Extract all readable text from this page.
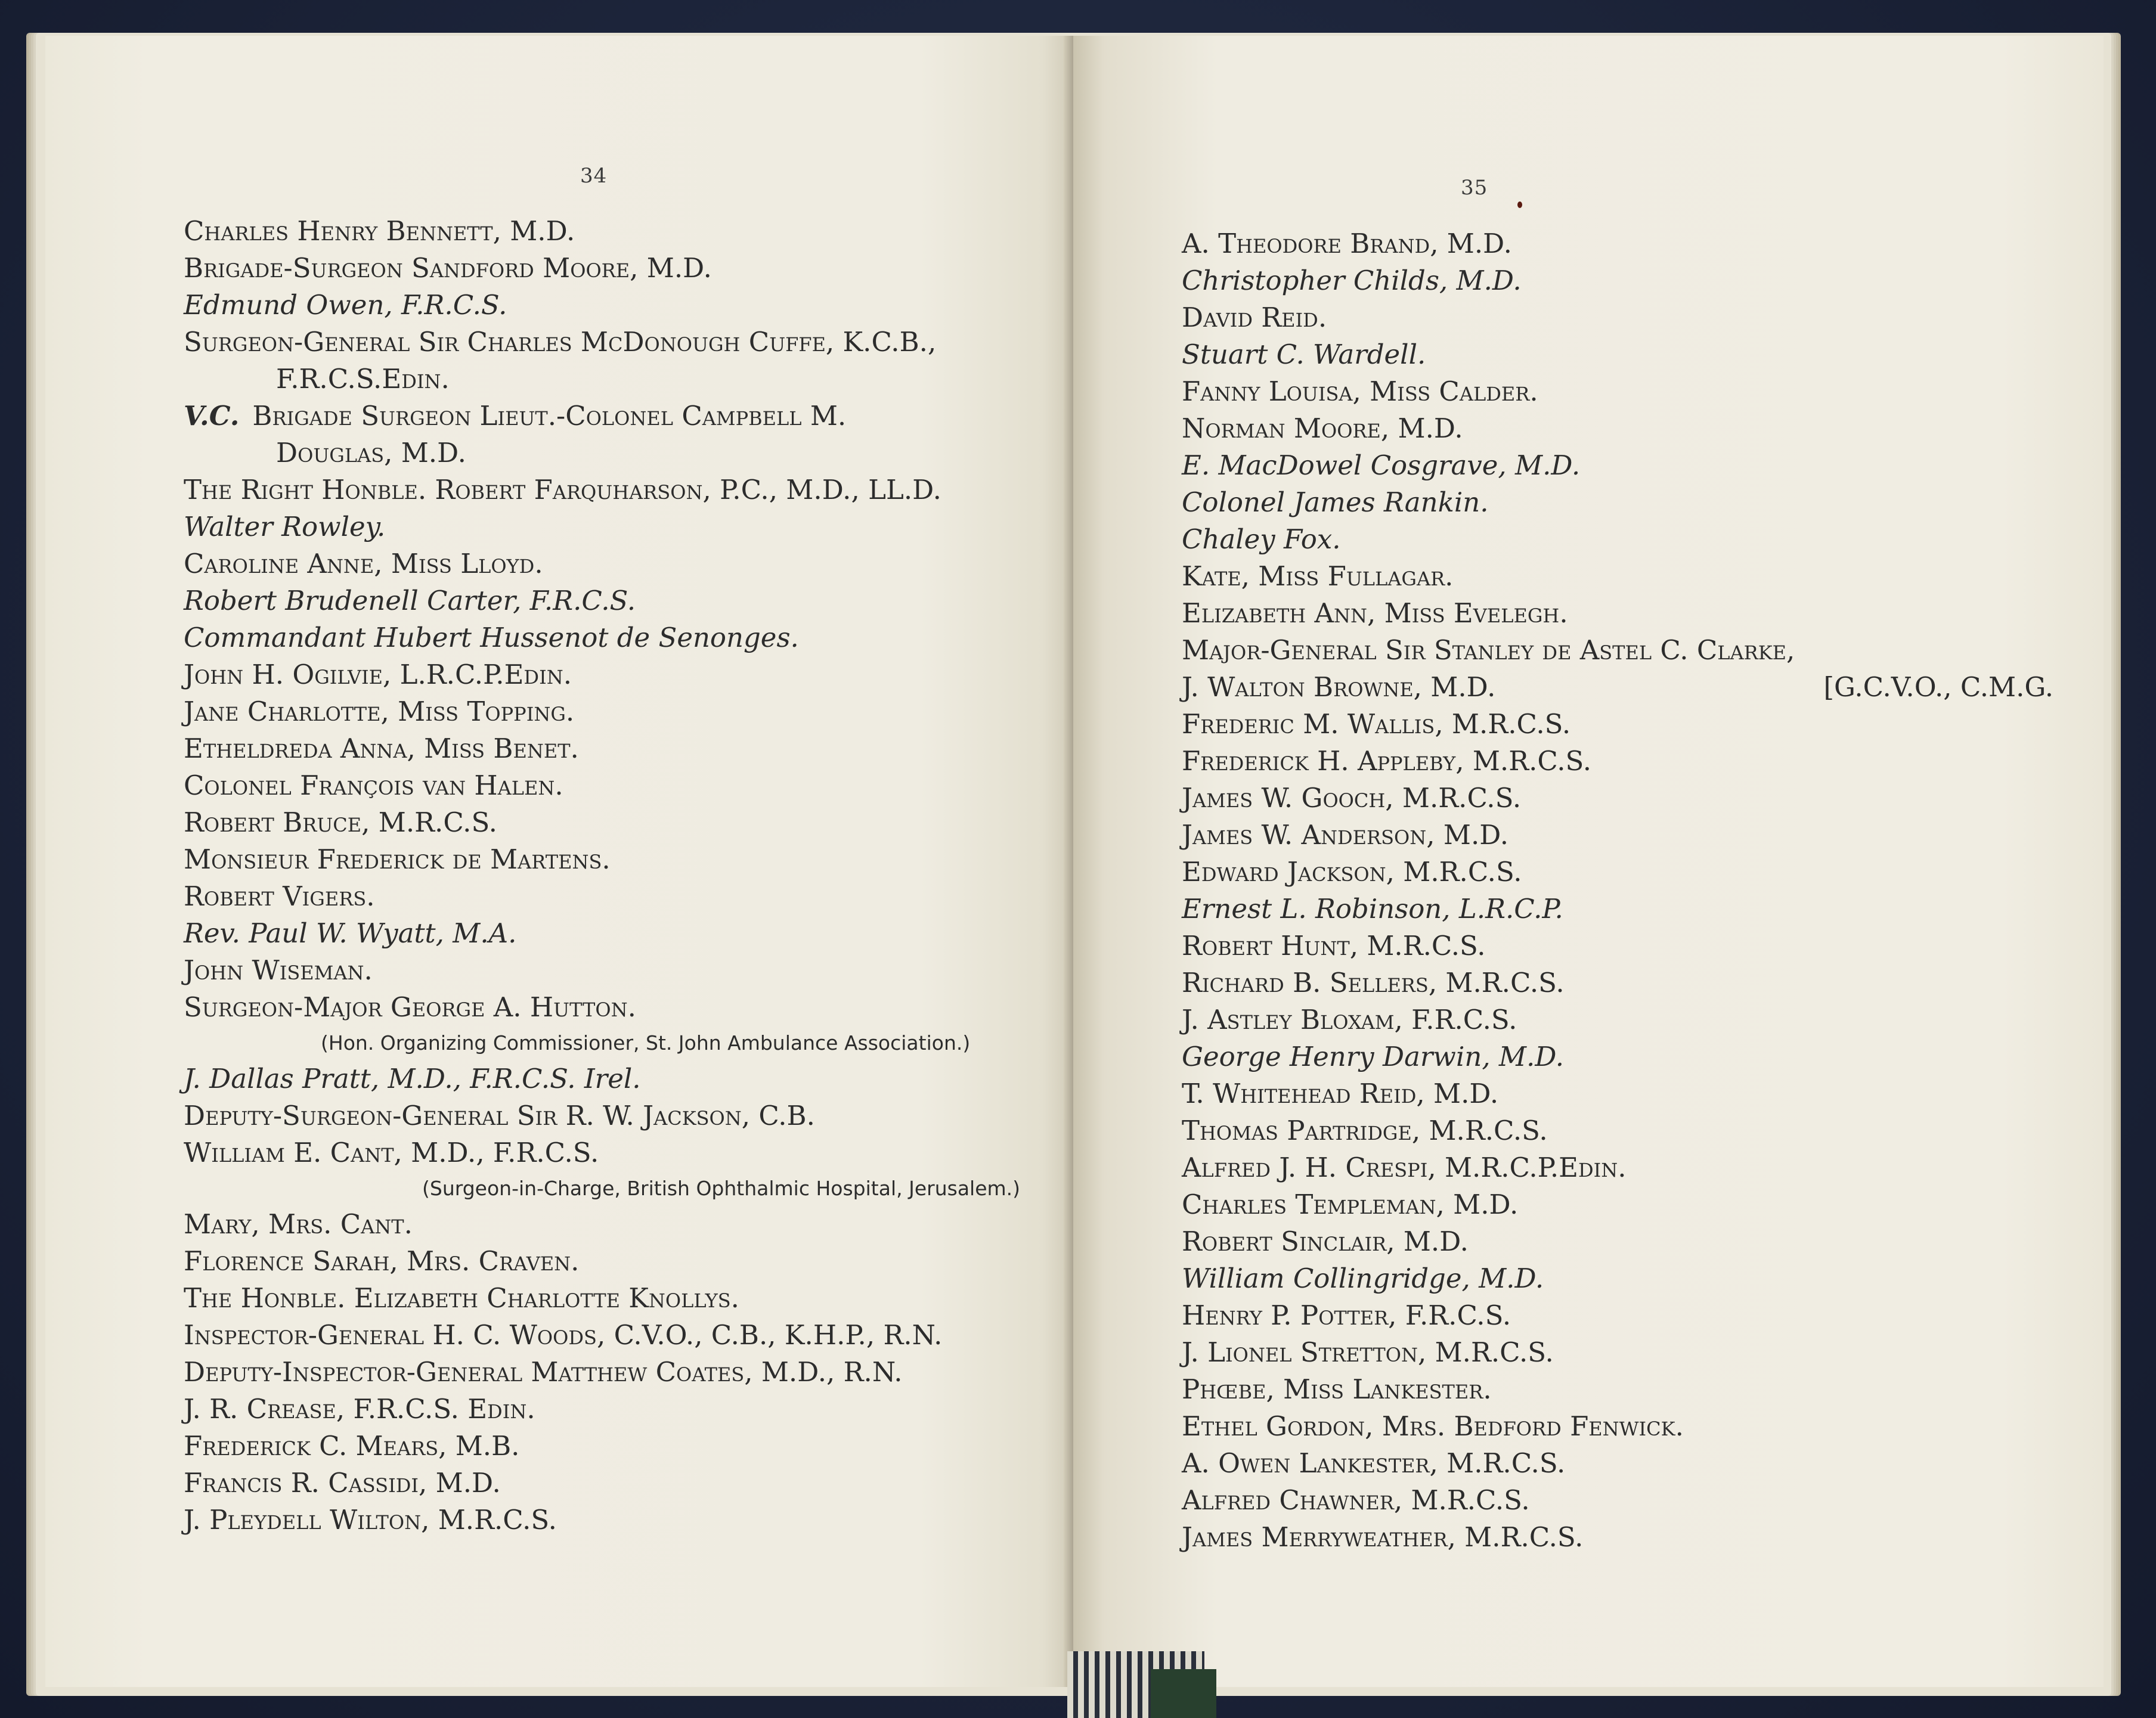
34
Charles Henry Bennett, M.D.
Brigade-Surgeon Sandford Moore, M.D.
Edmund Owen, F.R.C.S.
Surgeon-General Sir Charles McDonough Cuffe, K.C.B.,
F.R.C.S.Edin.
V.C. Brigade Surgeon Lieut.-Colonel Campbell M.
Douglas, M.D.
The Right Honble. Robert Farquharson, P.C., M.D., LL.D.
Walter Rowley.
Caroline Anne, Miss Lloyd.
Robert Brudenell Carter, F.R.C.S.
Commandant Hubert Hussenot de Senonges.
John H. Ogilvie, L.R.C.P.Edin.
Jane Charlotte, Miss Topping.
Etheldreda Anna, Miss Benet.
Colonel François van Halen.
Robert Bruce, M.R.C.S.
Monsieur Frederick de Martens.
Robert Vigers.
Rev. Paul W. Wyatt, M.A.
John Wiseman.
Surgeon-Major George A. Hutton.
(Hon. Organizing Commissioner, St. John Ambulance Association.)
J. Dallas Pratt, M.D., F.R.C.S. Irel.
Deputy-Surgeon-General Sir R. W. Jackson, C.B.
William E. Cant, M.D., F.R.C.S.
(Surgeon-in-Charge, British Ophthalmic Hospital, Jerusalem.)
Mary, Mrs. Cant.
Florence Sarah, Mrs. Craven.
The Honble. Elizabeth Charlotte Knollys.
Inspector-General H. C. Woods, C.V.O., C.B., K.H.P., R.N.
Deputy-Inspector-General Matthew Coates, M.D., R.N.
J. R. Crease, F.R.C.S. Edin.
Frederick C. Mears, M.B.
Francis R. Cassidi, M.D.
J. Pleydell Wilton, M.R.C.S.
35
A. Theodore Brand, M.D.
Christopher Childs, M.D.
David Reid.
Stuart C. Wardell.
Fanny Louisa, Miss Calder.
Norman Moore, M.D.
E. MacDowel Cosgrave, M.D.
Colonel James Rankin.
Chaley Fox.
Kate, Miss Fullagar.
Elizabeth Ann, Miss Evelegh.
Major-General Sir Stanley de Astel C. Clarke,
J. Walton Browne, M.D.	[G.C.V.O., C.M.G.
Frederic M. Wallis, M.R.C.S.
Frederick H. Appleby, M.R.C.S.
James W. Gooch, M.R.C.S.
James W. Anderson, M.D.
Edward Jackson, M.R.C.S.
Ernest L. Robinson, L.R.C.P.
Robert Hunt, M.R.C.S.
Richard B. Sellers, M.R.C.S.
J. Astley Bloxam, F.R.C.S.
George Henry Darwin, M.D.
T. Whitehead Reid, M.D.
Thomas Partridge, M.R.C.S.
Alfred J. H. Crespi, M.R.C.P.Edin.
Charles Templeman, M.D.
Robert Sinclair, M.D.
William Collingridge, M.D.
Henry P. Potter, F.R.C.S.
J. Lionel Stretton, M.R.C.S.
Phœbe, Miss Lankester.
Ethel Gordon, Mrs. Bedford Fenwick.
A. Owen Lankester, M.R.C.S.
Alfred Chawner, M.R.C.S.
James Merryweather, M.R.C.S.
